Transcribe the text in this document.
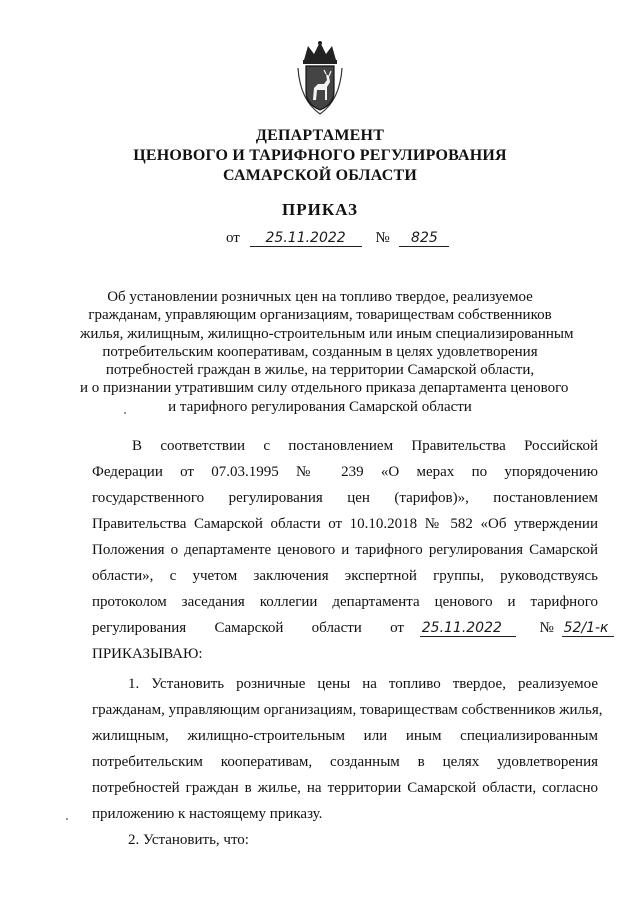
ДЕПАРТАМЕНТ
ЦЕНОВОГО И ТАРИФНОГО РЕГУЛИРОВАНИЯ
САМАРСКОЙ ОБЛАСТИ
ПРИКАЗ
от 25.11.2022 № 825
Об установлении розничных цен на топливо твердое, реализуемое
гражданам, управляющим организациям, товариществам собственников
жилья, жилищным, жилищно-строительным или иным специализированным
потребительским кооперативам, созданным в целях удовлетворения
потребностей граждан в жилье, на территории Самарской области,
и о признании утратившим силу отдельного приказа департамента ценового
и тарифного регулирования Самарской области
В соответствии с постановлением Правительства Российской
Федерации от 07.03.1995 № 239 «О мерах по упорядочению
государственного регулирования цен (тарифов)», постановлением
Правительства Самарской области от 10.10.2018 № 582 «Об утверждении
Положения о департаменте ценового и тарифного регулирования Самарской
области», с учетом заключения экспертной группы, руководствуясь
протоколом заседания коллегии департамента ценового и тарифного
регулирования Самарской области от 25.11.2022	№ 52/1-к
ПРИКАЗЫВАЮ:
1. Установить розничные цены на топливо твердое, реализуемое
гражданам, управляющим организациям, товариществам собственников жилья,
жилищным, жилищно-строительным или иным специализированным
потребительским кооперативам, созданным в целях удовлетворения
потребностей граждан в жилье, на территории Самарской области, согласно
приложению к настоящему приказу.
2. Установить, что:
